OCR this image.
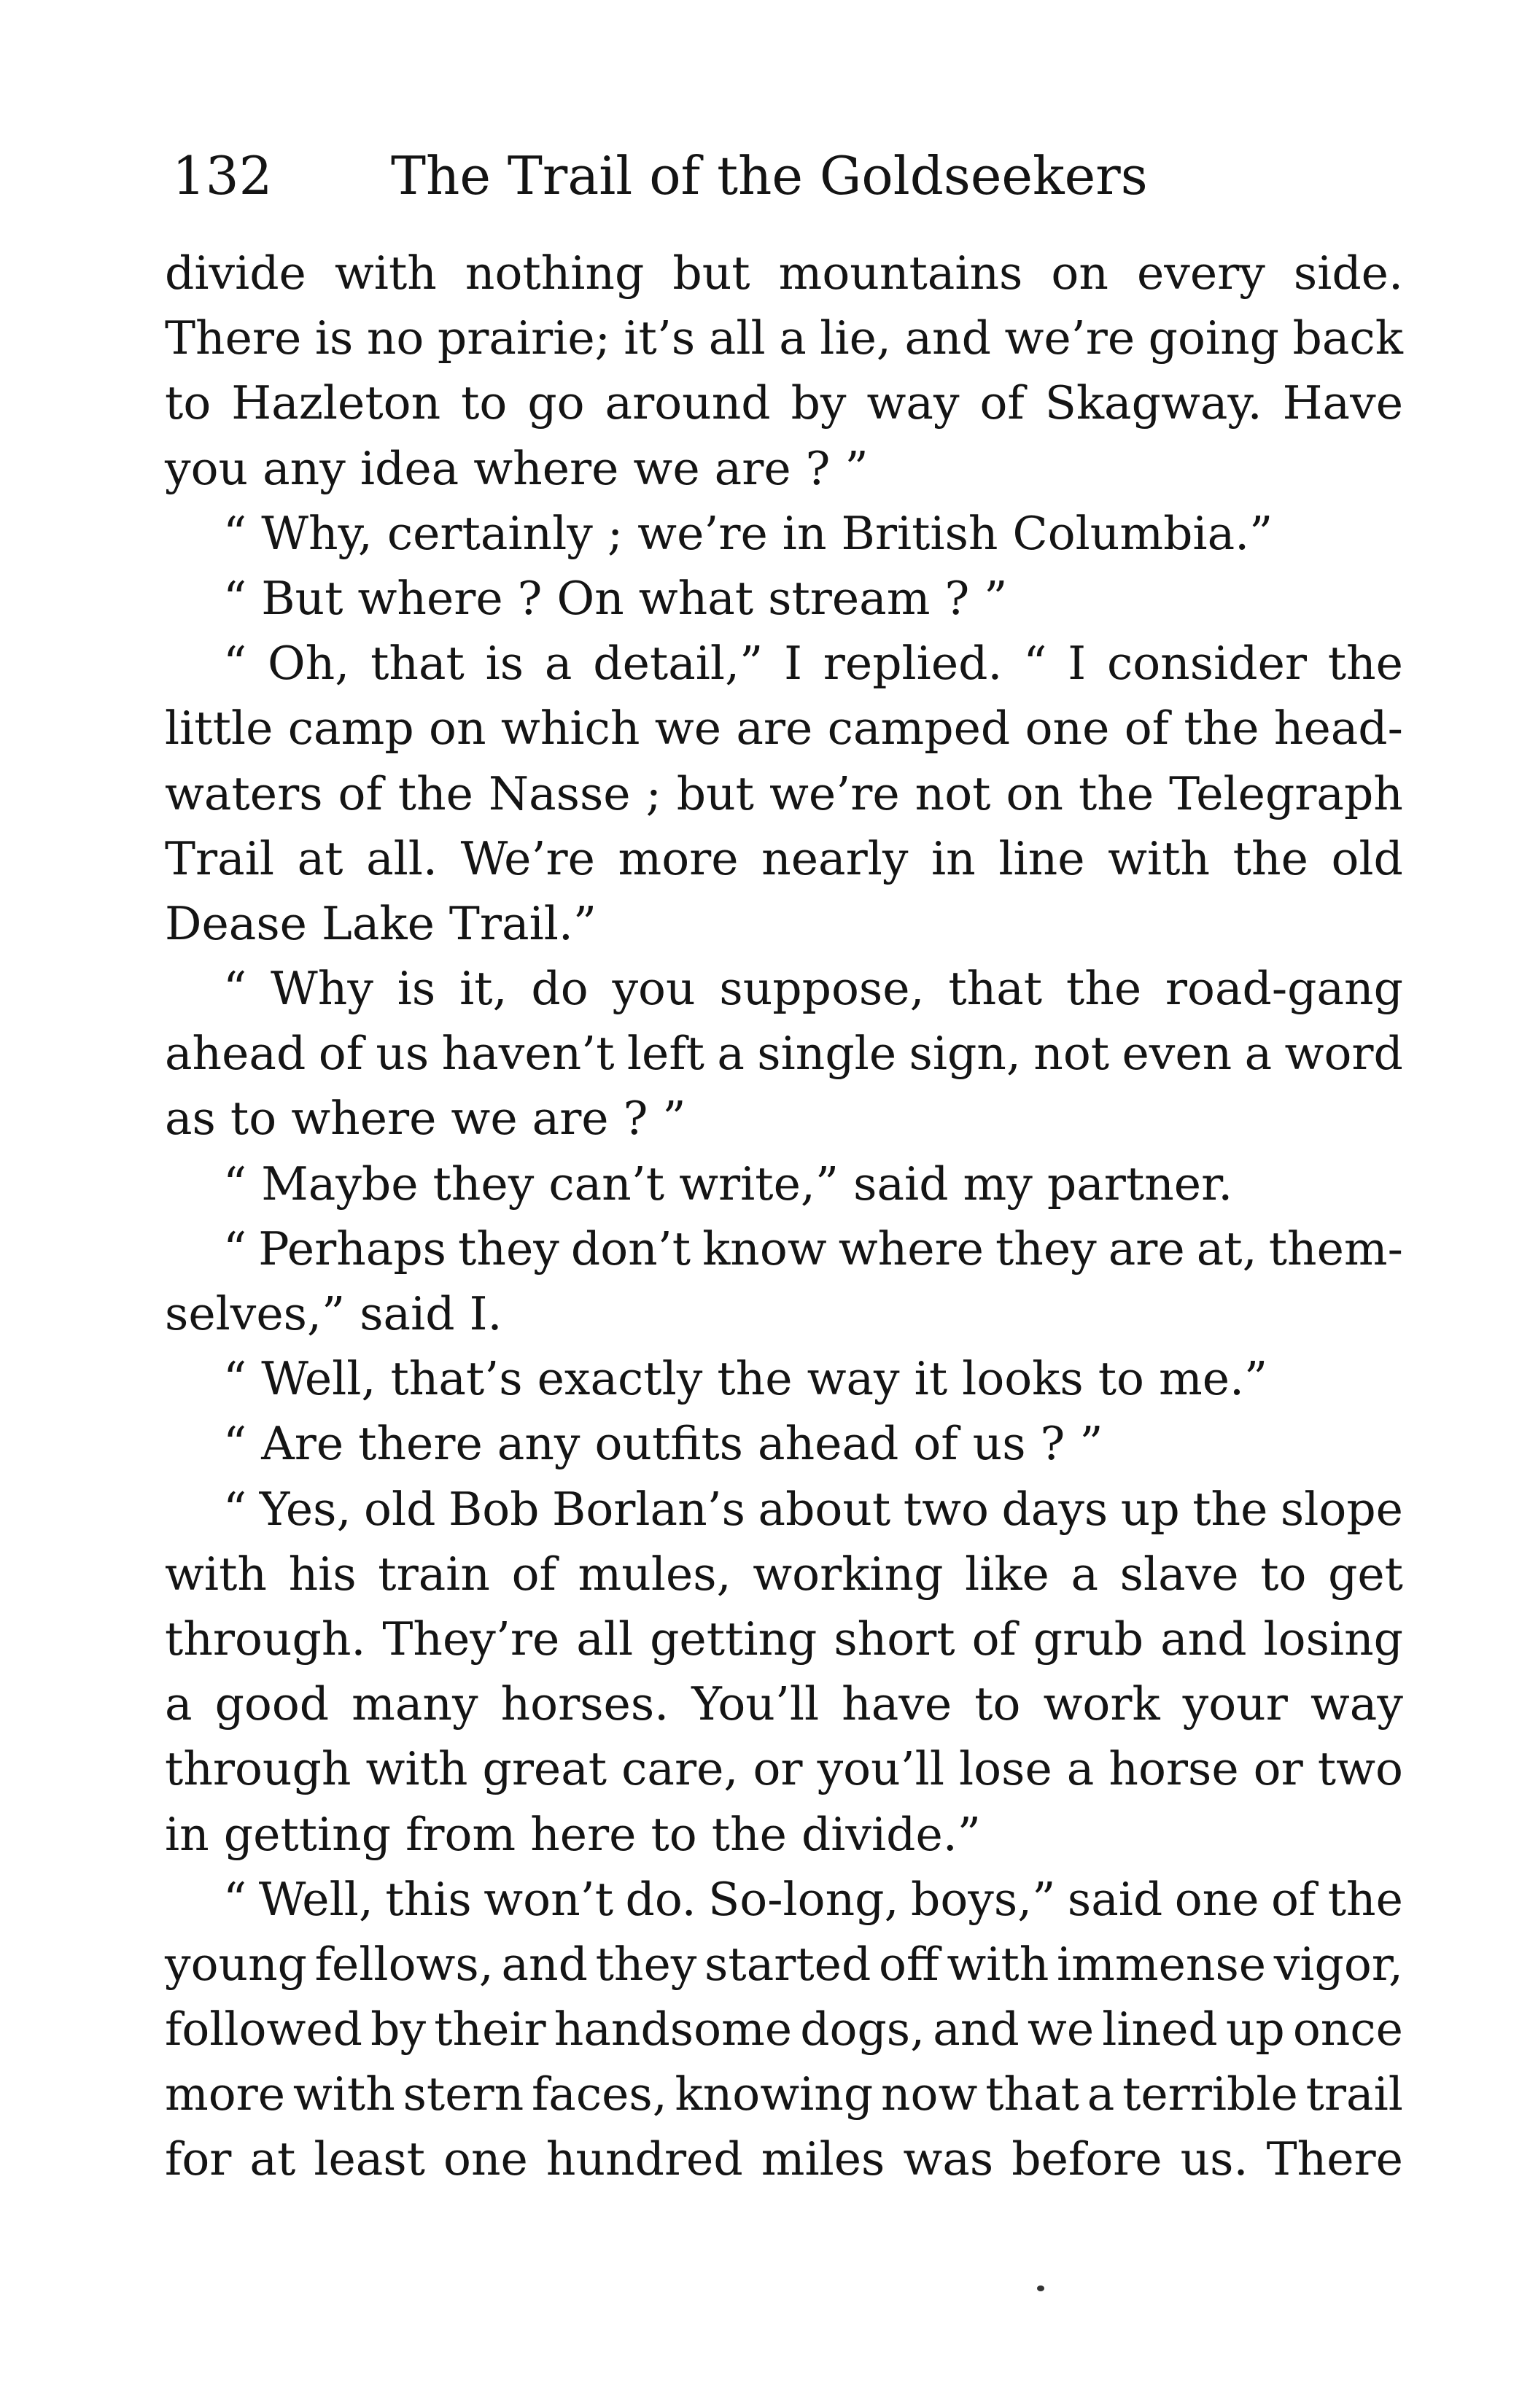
132 The Trail of the Goldseekers
divide with nothing but mountains on every side.
There is no prairie; it’s all a lie, and we’re going back
to Hazleton to go around by way of Skagway. Have
you any idea where we are ? ”
“ Why, certainly ; we’re in British Columbia.”
“ But where ? On what stream ? ”
“ Oh, that is a detail,” I replied. “ I consider the
little camp on which we are camped one of the head-
waters of the Nasse ; but we’re not on the Telegraph
Trail at all. We’re more nearly in line with the old
Dease Lake Trail.”
“ Why is it, do you suppose, that the road-gang
ahead of us haven’t left a single sign, not even a word
as to where we are ? ”
“ Maybe they can’t write,” said my partner.
“ Perhaps they don’t know where they are at, them-
selves,” said I.
“ Well, that’s exactly the way it looks to me.”
“ Are there any outfits ahead of us ? ”
“ Yes, old Bob Borlan’s about two days up the slope
with his train of mules, working like a slave to get
through. They’re all getting short of grub and losing
a good many horses. You’ll have to work your way
through with great care, or you’ll lose a horse or two
in getting from here to the divide.”
“ Well, this won’t do. So-long, boys,” said one of the
young fellows, and they started off with immense vigor,
followed by their handsome dogs, and we lined up once
more with stern faces, knowing now that a terrible trail
for at least one hundred miles was before us. There
